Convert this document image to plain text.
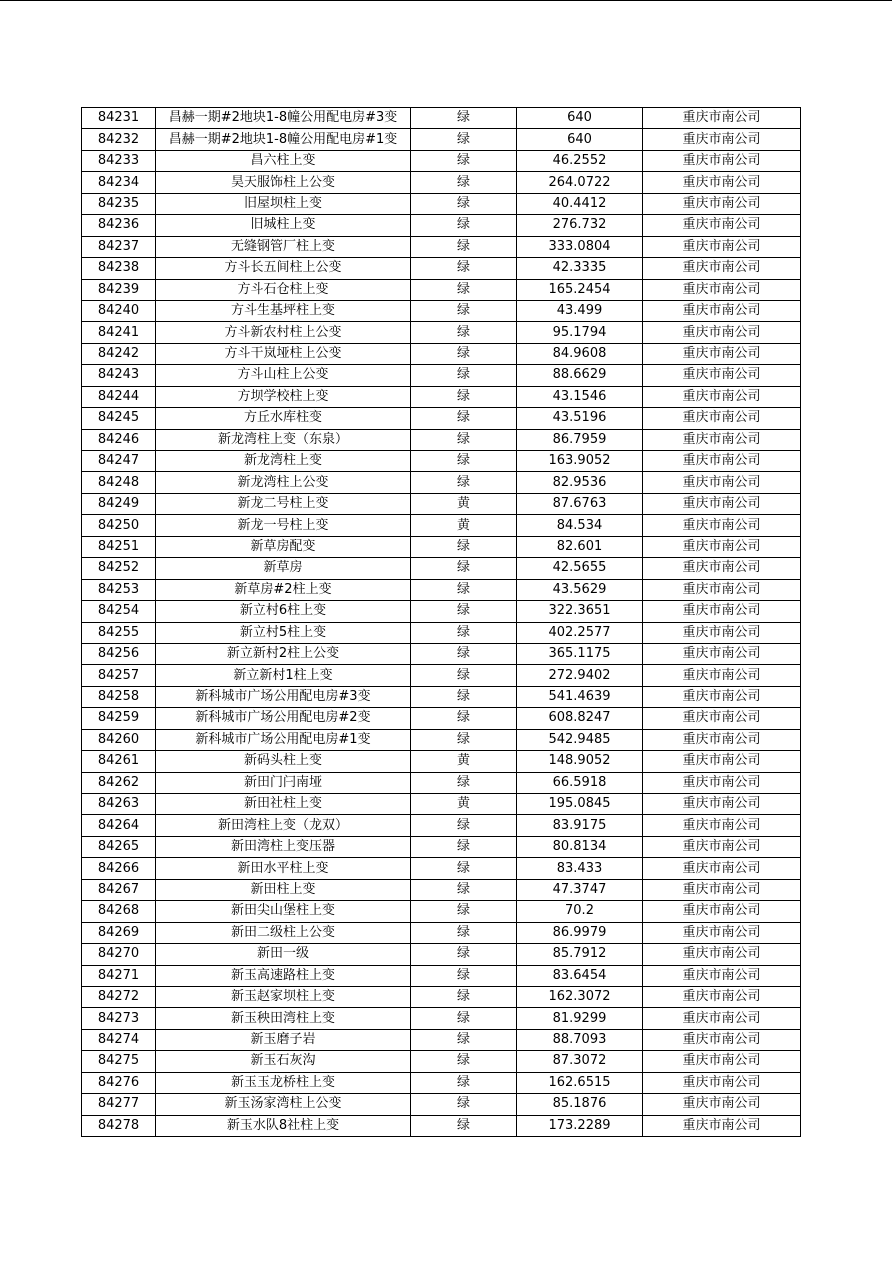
84231	昌赫一期#2地块1-8幢公用配电房#3变	绿	640	重庆市南公司
84232	昌赫一期#2地块1-8幢公用配电房#1变	绿	640	重庆市南公司
84233	昌六柱上变	绿	46.2552	重庆市南公司
84234	昊天服饰柱上公变	绿	264.0722	重庆市南公司
84235	旧屋坝柱上变	绿	40.4412	重庆市南公司
84236	旧城柱上变	绿	276.732	重庆市南公司
84237	无缝钢管厂柱上变	绿	333.0804	重庆市南公司
84238	方斗长五间柱上公变	绿	42.3335	重庆市南公司
84239	方斗石仓柱上变	绿	165.2454	重庆市南公司
84240	方斗生基坪柱上变	绿	43.499	重庆市南公司
84241	方斗新农村柱上公变	绿	95.1794	重庆市南公司
84242	方斗干岚垭柱上公变	绿	84.9608	重庆市南公司
84243	方斗山柱上公变	绿	88.6629	重庆市南公司
84244	方坝学校柱上变	绿	43.1546	重庆市南公司
84245	方丘水库柱变	绿	43.5196	重庆市南公司
84246	新龙湾柱上变（东泉）	绿	86.7959	重庆市南公司
84247	新龙湾柱上变	绿	163.9052	重庆市南公司
84248	新龙湾柱上公变	绿	82.9536	重庆市南公司
84249	新龙二号柱上变	黄	87.6763	重庆市南公司
84250	新龙一号柱上变	黄	84.534	重庆市南公司
84251	新草房配变	绿	82.601	重庆市南公司
84252	新草房	绿	42.5655	重庆市南公司
84253	新草房#2柱上变	绿	43.5629	重庆市南公司
84254	新立村6柱上变	绿	322.3651	重庆市南公司
84255	新立村5柱上变	绿	402.2577	重庆市南公司
84256	新立新村2柱上公变	绿	365.1175	重庆市南公司
84257	新立新村1柱上变	绿	272.9402	重庆市南公司
84258	新科城市广场公用配电房#3变	绿	541.4639	重庆市南公司
84259	新科城市广场公用配电房#2变	绿	608.8247	重庆市南公司
84260	新科城市广场公用配电房#1变	绿	542.9485	重庆市南公司
84261	新码头柱上变	黄	148.9052	重庆市南公司
84262	新田门闩南垭	绿	66.5918	重庆市南公司
84263	新田社柱上变	黄	195.0845	重庆市南公司
84264	新田湾柱上变（龙双）	绿	83.9175	重庆市南公司
84265	新田湾柱上变压器	绿	80.8134	重庆市南公司
84266	新田水平柱上变	绿	83.433	重庆市南公司
84267	新田柱上变	绿	47.3747	重庆市南公司
84268	新田尖山堡柱上变	绿	70.2	重庆市南公司
84269	新田二级柱上公变	绿	86.9979	重庆市南公司
84270	新田一级	绿	85.7912	重庆市南公司
84271	新玉高速路柱上变	绿	83.6454	重庆市南公司
84272	新玉赵家坝柱上变	绿	162.3072	重庆市南公司
84273	新玉秧田湾柱上变	绿	81.9299	重庆市南公司
84274	新玉磨子岩	绿	88.7093	重庆市南公司
84275	新玉石灰沟	绿	87.3072	重庆市南公司
84276	新玉玉龙桥柱上变	绿	162.6515	重庆市南公司
84277	新玉汤家湾柱上公变	绿	85.1876	重庆市南公司
84278	新玉水队8社柱上变	绿	173.2289	重庆市南公司
